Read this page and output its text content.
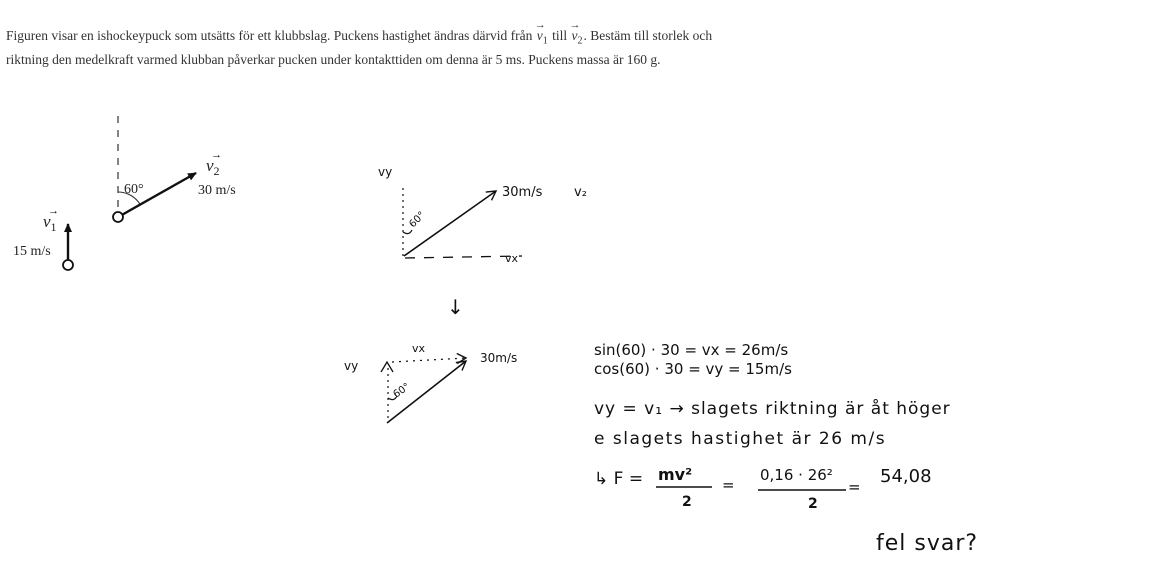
Figuren visar en ishockeypuck som utsätts för ett klubbslag. Puckens hastighet ändras därvid från → $v_1$ till → $v_2$. Bestäm till storlek och riktning den medelkraft varmed klubban påverkar pucken under kontakttiden om denna är 5 ms. Puckens massa är 160 g.
60°
$v_2$
→
30 m/s
$v_1$
→
15 m/s
vy
vx
60°
30m/s v₂
↓
vy
vx
60°
30m/s	sin(60) · 30 = vx = 26m/s
cos(60) · 30 = vy = 15m/s
vy = v₁ → slagets riktning är åt höger
e slagets hastighet är 26 m/s
↳ F = mv²
2
=
0,16 · 26²
2
= 54,08
fel svar?
